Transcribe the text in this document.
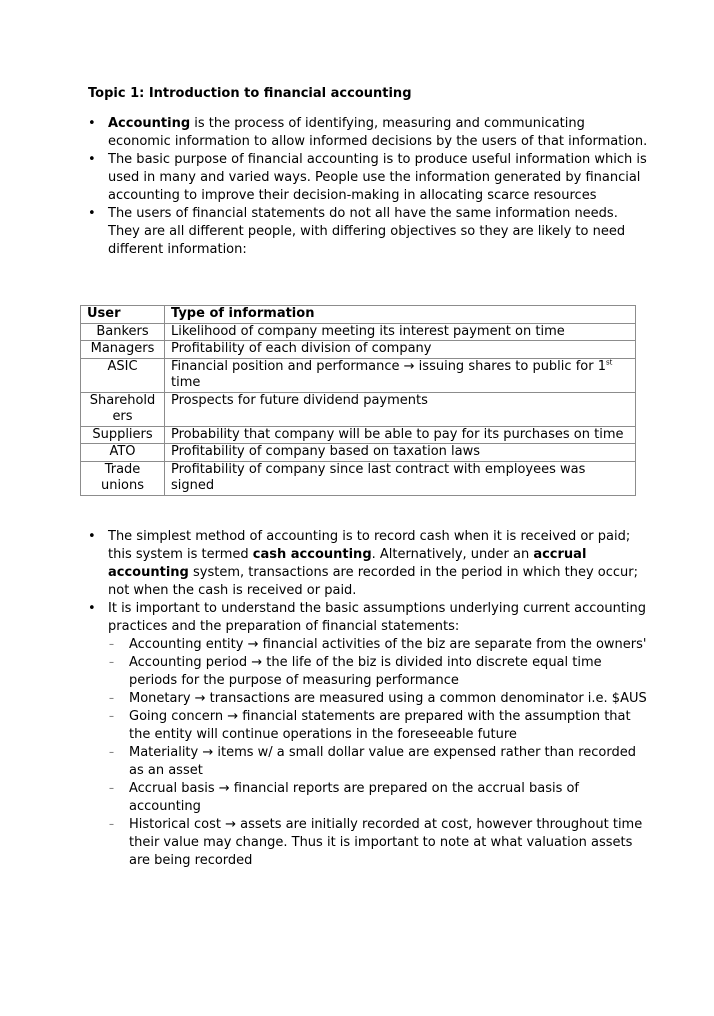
Topic 1: Introduction to financial accounting
• Accounting is the process of identifying, measuring and communicating economic information to allow informed decisions by the users of that information.
• The basic purpose of financial accounting is to produce useful information which is used in many and varied ways. People use the information generated by financial accounting to improve their decision-making in allocating scarce resources
• The users of financial statements do not all have the same information needs. They are all different people, with differing objectives so they are likely to need different information:
User	Type of information
Bankers	Likelihood of company meeting its interest payment on time
Managers	Profitability of each division of company
ASIC	Financial position and performance → issuing shares to public for 1st time
Sharehold ers	Prospects for future dividend payments
Suppliers	Probability that company will be able to pay for its purchases on time
ATO	Profitability of company based on taxation laws
Trade unions	Profitability of company since last contract with employees was signed
• The simplest method of accounting is to record cash when it is received or paid; this system is termed cash accounting. Alternatively, under an accrual accounting system, transactions are recorded in the period in which they occur; not when the cash is received or paid.
• It is important to understand the basic assumptions underlying current accounting practices and the preparation of financial statements:
– Accounting entity → financial activities of the biz are separate from the owners'
– Accounting period → the life of the biz is divided into discrete equal time periods for the purpose of measuring performance
– Monetary → transactions are measured using a common denominator i.e. $AUS
– Going concern → financial statements are prepared with the assumption that the entity will continue operations in the foreseeable future
– Materiality → items w/ a small dollar value are expensed rather than recorded as an asset
– Accrual basis → financial reports are prepared on the accrual basis of accounting
– Historical cost → assets are initially recorded at cost, however throughout time their value may change. Thus it is important to note at what valuation assets are being recorded
